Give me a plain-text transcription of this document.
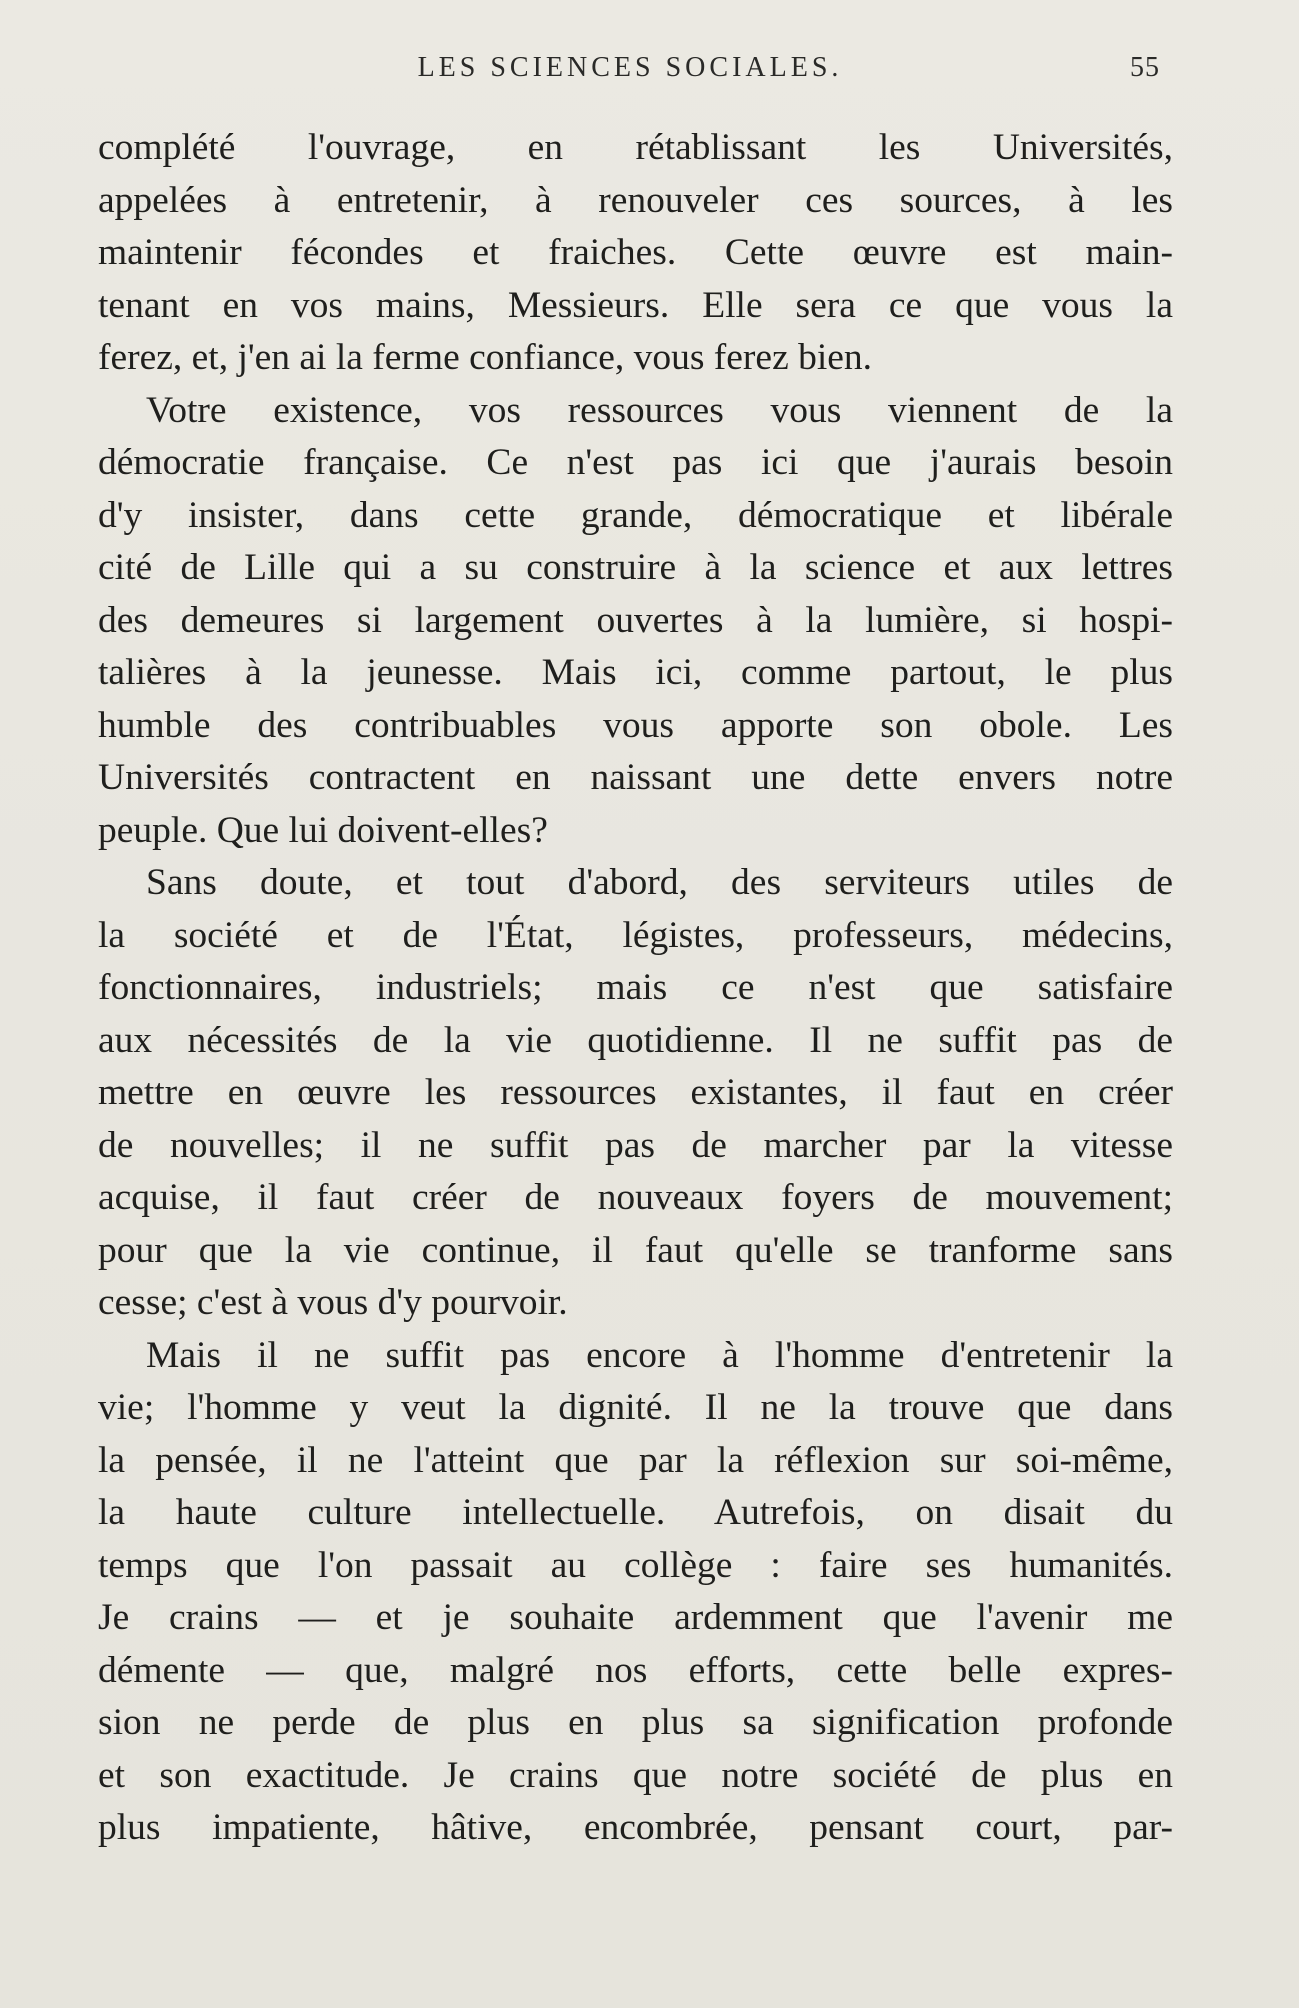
LES SCIENCES SOCIALES.	55
complété l'ouvrage, en rétablissant les Universités,
appelées à entretenir, à renouveler ces sources, à les
maintenir fécondes et fraiches. Cette œuvre est main-
tenant en vos mains, Messieurs. Elle sera ce que vous la
ferez, et, j'en ai la ferme confiance, vous ferez bien.
Votre existence, vos ressources vous viennent de la
démocratie française. Ce n'est pas ici que j'aurais besoin
d'y insister, dans cette grande, démocratique et libérale
cité de Lille qui a su construire à la science et aux lettres
des demeures si largement ouvertes à la lumière, si hospi-
talières à la jeunesse. Mais ici, comme partout, le plus
humble des contribuables vous apporte son obole. Les
Universités contractent en naissant une dette envers notre
peuple. Que lui doivent-elles?
Sans doute, et tout d'abord, des serviteurs utiles de
la société et de l'État, légistes, professeurs, médecins,
fonctionnaires, industriels; mais ce n'est que satisfaire
aux nécessités de la vie quotidienne. Il ne suffit pas de
mettre en œuvre les ressources existantes, il faut en créer
de nouvelles; il ne suffit pas de marcher par la vitesse
acquise, il faut créer de nouveaux foyers de mouvement;
pour que la vie continue, il faut qu'elle se tranforme sans
cesse; c'est à vous d'y pourvoir.
Mais il ne suffit pas encore à l'homme d'entretenir la
vie; l'homme y veut la dignité. Il ne la trouve que dans
la pensée, il ne l'atteint que par la réflexion sur soi-même,
la haute culture intellectuelle. Autrefois, on disait du
temps que l'on passait au collège : faire ses humanités.
Je crains — et je souhaite ardemment que l'avenir me
démente — que, malgré nos efforts, cette belle expres-
sion ne perde de plus en plus sa signification profonde
et son exactitude. Je crains que notre société de plus en
plus impatiente, hâtive, encombrée, pensant court, par-
